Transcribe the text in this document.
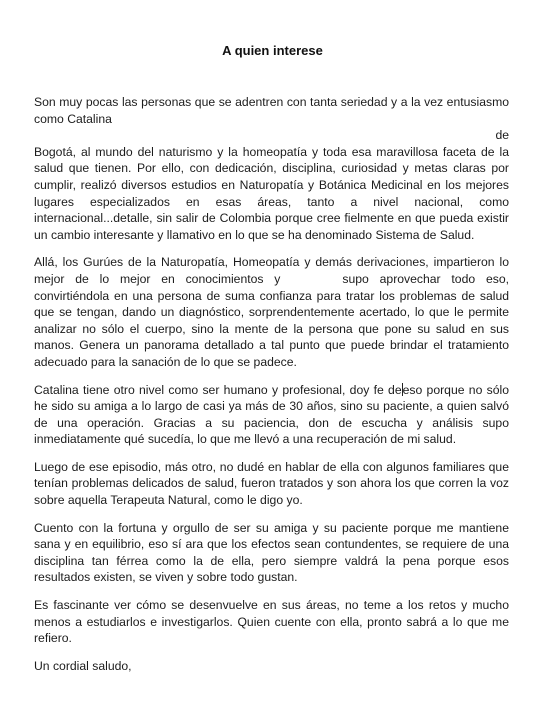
A quien interese

Son muy pocas las personas que se adentren con tanta seriedad y a la vez entusiasmo como Catalina
de
Bogotá, al mundo del naturismo y la homeopatía y toda esa maravillosa faceta de la salud que tienen. Por ello, con dedicación, disciplina, curiosidad y metas claras por cumplir, realizó diversos estudios en Naturopatía y Botánica Medicinal en los mejores lugares especializados en esas áreas, tanto a nivel nacional, como internacional...detalle, sin salir de Colombia porque cree fielmente en que pueda existir un cambio interesante y llamativo en lo que se ha denominado Sistema de Salud.

Allá, los Gurúes de la Naturopatía, Homeopatía y demás derivaciones, impartieron lo mejor de lo mejor en conocimientos y	supo aprovechar todo eso, convirtiéndola en una persona de suma confianza para tratar los problemas de salud que se tengan, dando un diagnóstico, sorprendentemente acertado, lo que le permite analizar no sólo el cuerpo, sino la mente de la persona que pone su salud en sus manos. Genera un panorama detallado a tal punto que puede brindar el tratamiento adecuado para la sanación de lo que se padece.

Catalina tiene otro nivel como ser humano y profesional, doy fe deeso porque no sólo he sido su amiga a lo largo de casi ya más de 30 años, sino su paciente, a quien salvó de una operación. Gracias a su paciencia, don de escucha y análisis supo inmediatamente qué sucedía, lo que me llevó a una recuperación de mi salud.

Luego de ese episodio, más otro, no dudé en hablar de ella con algunos familiares que tenían problemas delicados de salud, fueron tratados y son ahora los que corren la voz sobre aquella Terapeuta Natural, como le digo yo.

Cuento con la fortuna y orgullo de ser su amiga y su paciente porque me mantiene sana y en equilibrio, eso sí ara que los efectos sean contundentes, se requiere de una disciplina tan férrea como la de ella, pero siempre valdrá la pena porque esos resultados existen, se viven y sobre todo gustan.

Es fascinante ver cómo se desenvuelve en sus áreas, no teme a los retos y mucho menos a estudiarlos e investigarlos. Quien cuente con ella, pronto sabrá a lo que me refiero.

Un cordial saludo,
